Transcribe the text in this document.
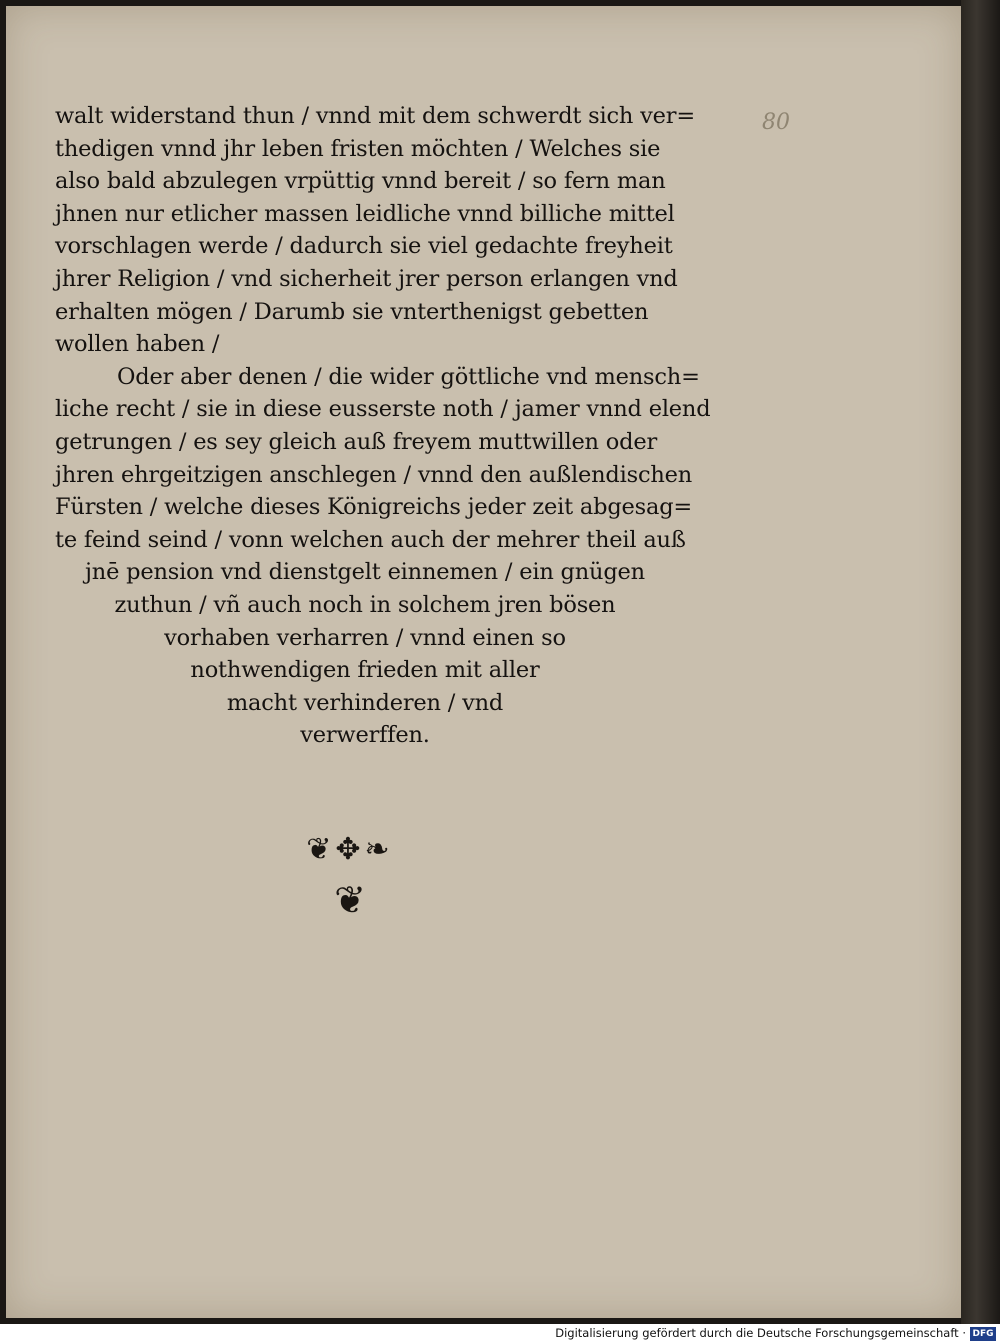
80
walt widerstand thun / vnnd mit dem schwerdt sich ver=
thedigen vnnd jhr leben fristen möchten / Welches sie
also bald abzulegen vrpüttig vnnd bereit / so fern man
jhnen nur etlicher massen leidliche vnnd billiche mittel
vorschlagen werde / dadurch sie viel gedachte freyheit
jhrer Religion / vnd sicherheit jrer person erlangen vnd
erhalten mögen / Darumb sie vnterthenigst gebetten
wollen haben /
Oder aber denen / die wider göttliche vnd mensch=
liche recht / sie in diese eusserste noth / jamer vnnd elend
getrungen / es sey gleich auß freyem muttwillen oder
jhren ehrgeitzigen anschlegen / vnnd den außlendischen
Fürsten / welche dieses Königreichs jeder zeit abgesag=
te feind seind / vonn welchen auch der mehrer theil auß
jnē pension vnd dienstgelt einnemen / ein gnügen
zuthun / vñ auch noch in solchem jren bösen
vorhaben verharren / vnnd einen so
nothwendigen frieden mit aller
macht verhinderen / vnd
verwerffen.
❦✥❧
❦
Digitalisierung gefördert durch die Deutsche Forschungsgemeinschaft · DFG
